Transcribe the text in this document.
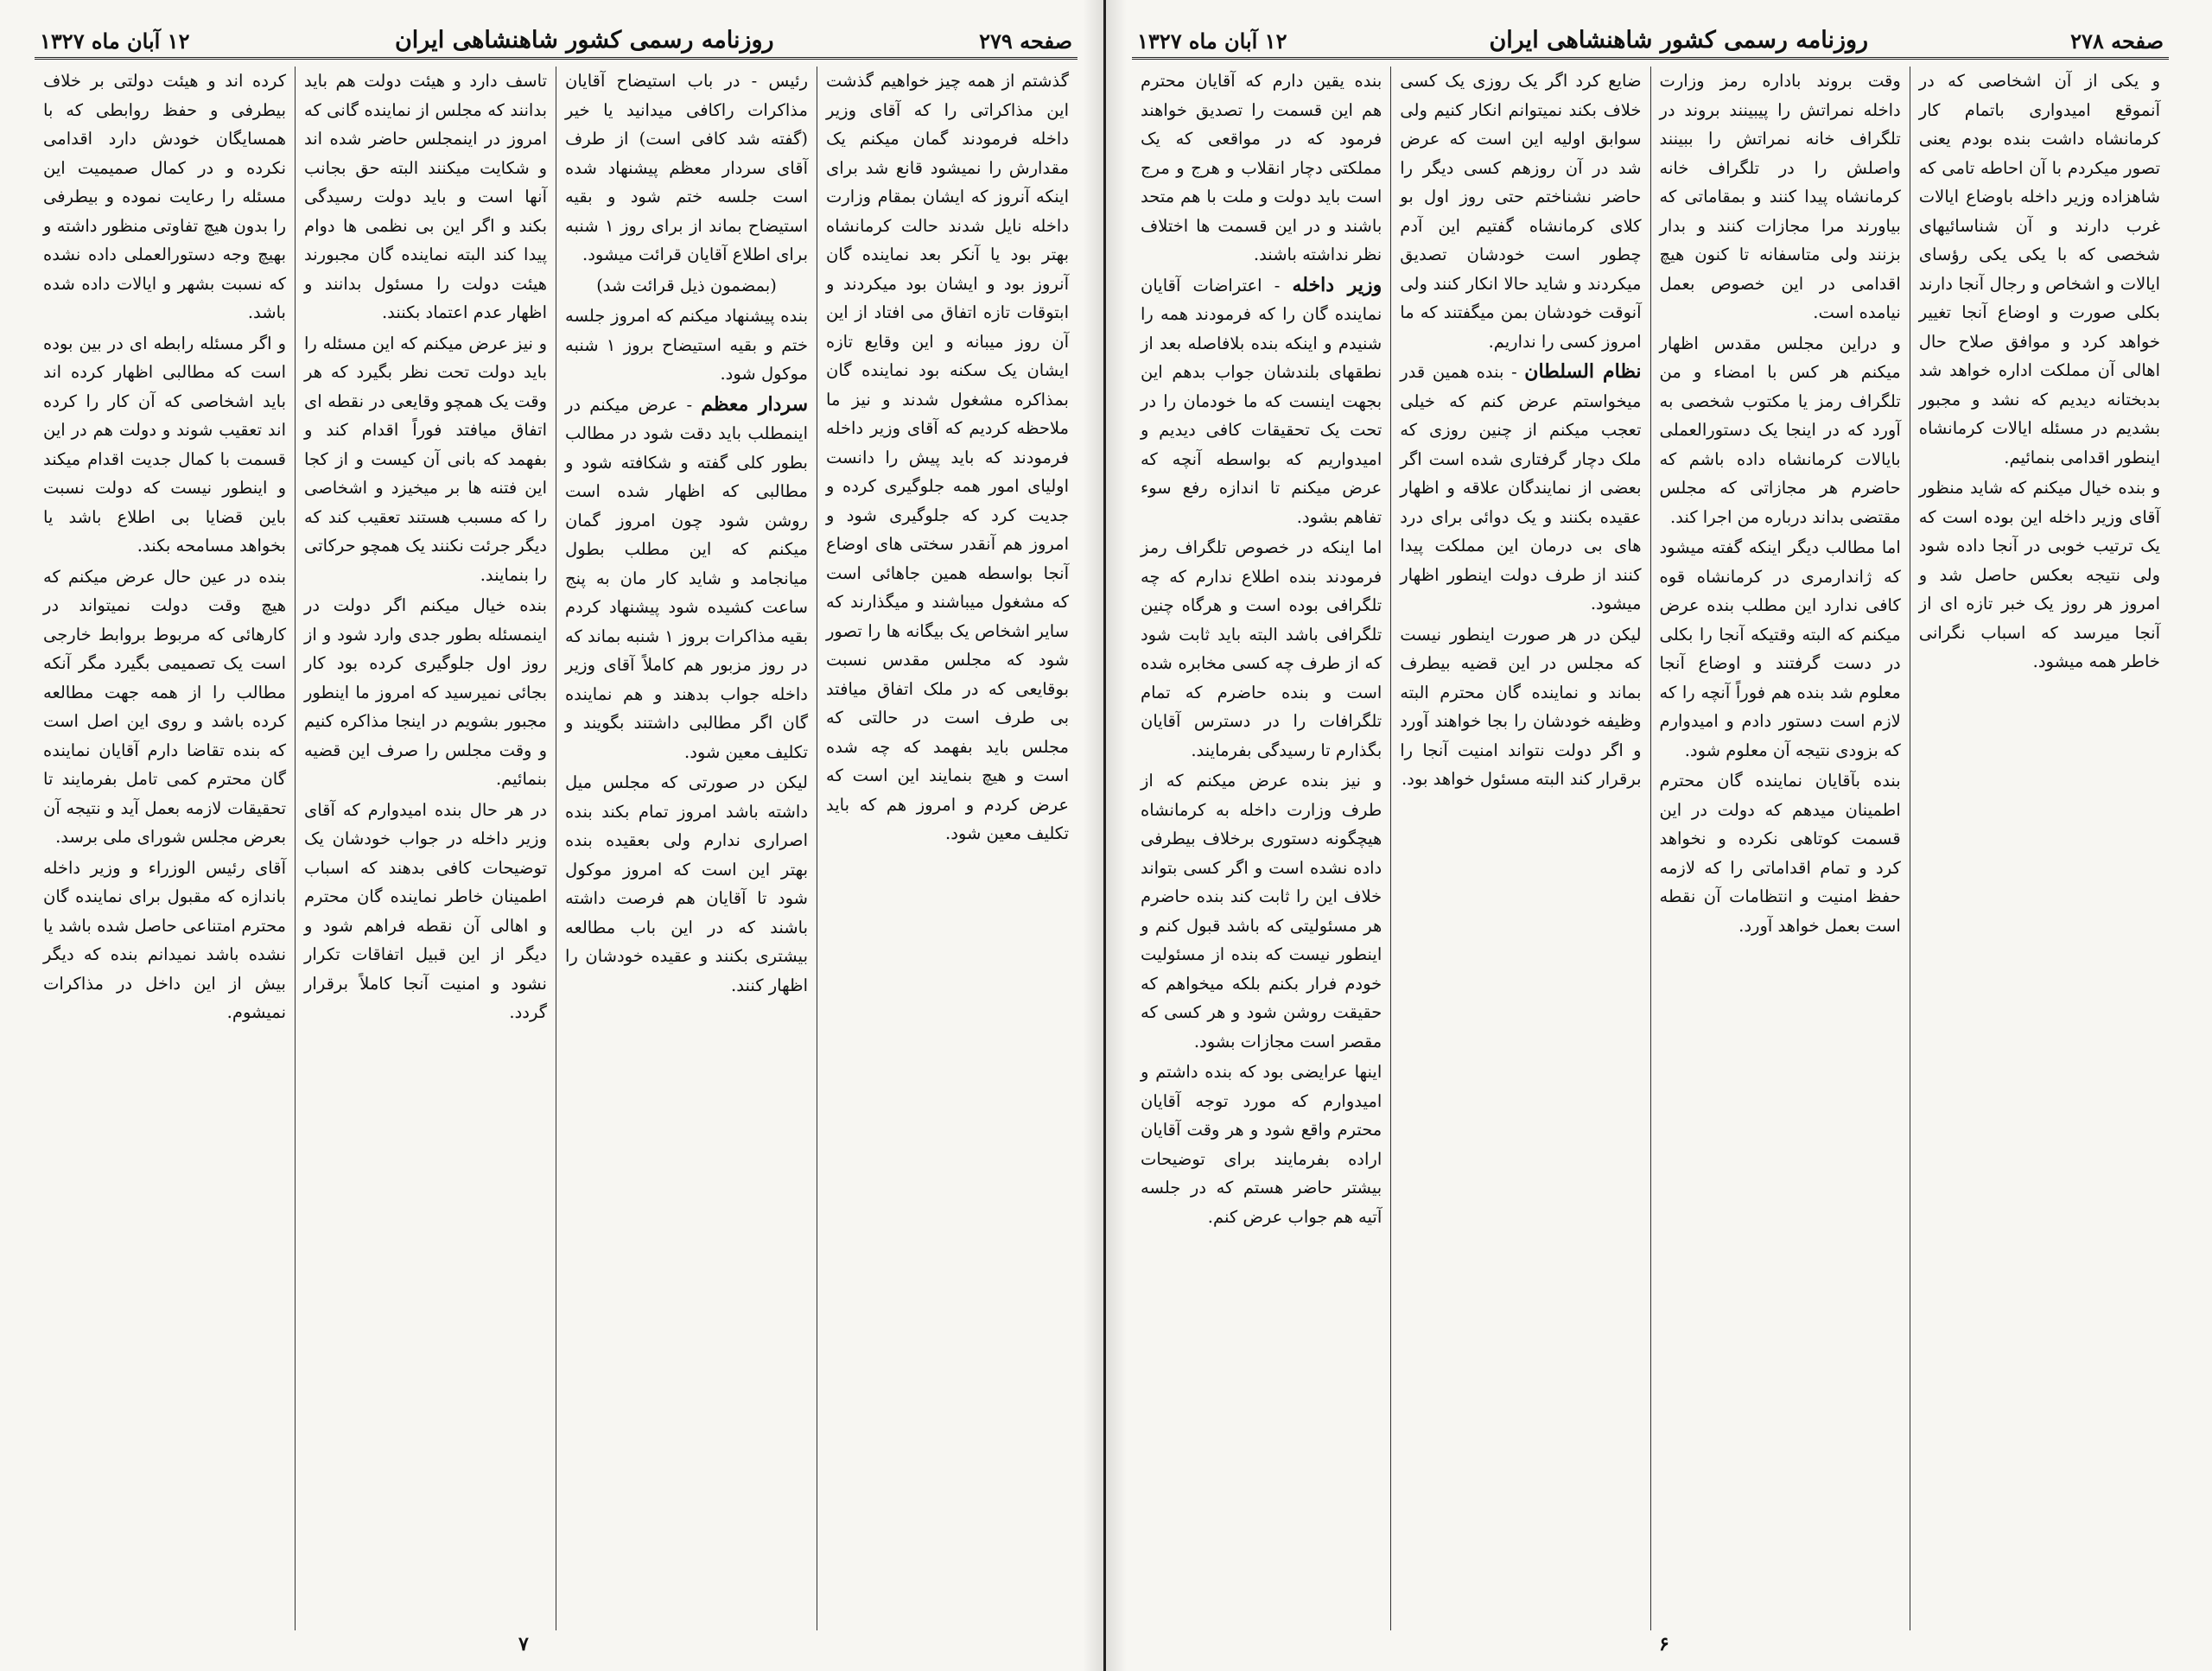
صفحه ۲۷۹
روزنامه رسمی کشور شاهنشاهی ایران
۱۲ آبان ماه ۱۳۲۷

گذشتم از همه چیز خواهیم گذشت این مذاکراتی را که آقای وزیر داخله فرمودند گمان میکنم یک مقدارش را نمیشود قانع شد برای اینکه آنروز که ایشان بمقام وزارت داخله نایل شدند حالت کرمانشاه بهتر بود یا آنکر بعد نماینده گان آنروز بود و ایشان بود میکردند و ابتوقات تازه اتفاق می افتاد از این آن روز میبانه و این وقایع تازه ایشان یک سکنه بود نماینده گان بمذاکره مشغول شدند و نیز ما ملاحظه کردیم که آقای وزیر داخله فرمودند که باید پیش را دانست اولیای امور همه جلوگیری کرده و جدیت کرد که جلوگیری شود و امروز هم آنقدر سختی های اوضاع آنجا بواسطه همین جاهائی است که مشغول میباشند و میگذارند که سایر اشخاص یک بیگانه ها را تصور شود که مجلس مقدس نسبت بوقایعی که در ملک اتفاق میافتد بی طرف است در حالتی که مجلس باید بفهمد که چه شده است و هیچ بنمایند این است که عرض کردم و امروز هم که باید تکلیف معین شود.

رئیس - در باب استیضاح آقایان مذاکرات راکافی میدانید یا خیر (گفته شد کافی است) از طرف آقای سردار معظم پیشنهاد شده است جلسه ختم شود و بقیه استیضاح بماند از برای روز ۱ شنبه برای اطلاع آقایان قرائت میشود.

(بمضمون ذیل قرائت شد)

بنده پیشنهاد میکنم که امروز جلسه ختم و بقیه استیضاح بروز ۱ شنبه موکول شود.

سردار معظم - عرض میکنم در اینمطلب باید دقت شود در مطالب بطور کلی گفته و شکافته شود و مطالبی که اظهار شده است روشن شود چون امروز گمان میکنم که این مطلب بطول میانجامد و شاید کار مان به پنج ساعت کشیده شود پیشنهاد کردم بقیه مذاکرات بروز ۱ شنبه بماند که در روز مزبور هم کاملاً آقای وزیر داخله جواب بدهند و هم نماینده گان اگر مطالبی داشتند بگویند و تکلیف معین شود.

لیکن در صورتی که مجلس میل داشته باشد امروز تمام بکند بنده اصراری ندارم ولی بعقیده بنده بهتر این است که امروز موکول شود تا آقایان هم فرصت داشته باشند که در این باب مطالعه بیشتری بکنند و عقیده خودشان را اظهار کنند.

تاسف دارد و هیئت دولت هم باید بدانند که مجلس از نماینده گانی که امروز در اینمجلس حاضر شده اند و شکایت میکنند البته حق بجانب آنها است و باید دولت رسیدگی بکند و اگر این بی نظمی ها دوام پیدا کند البته نماینده گان مجبورند هیئت دولت را مسئول بدانند و اظهار عدم اعتماد بکنند.

و نیز عرض میکنم که این مسئله را باید دولت تحت نظر بگیرد که هر وقت یک همچو وقایعی در نقطه ای اتفاق میافتد فوراً اقدام کند و بفهمد که بانی آن کیست و از کجا این فتنه ها بر میخیزد و اشخاصی را که مسبب هستند تعقیب کند که دیگر جرئت نکنند یک همچو حرکاتی را بنمایند.

بنده خیال میکنم اگر دولت در اینمسئله بطور جدی وارد شود و از روز اول جلوگیری کرده بود کار بجائی نمیرسید که امروز ما اینطور مجبور بشویم در اینجا مذاکره کنیم و وقت مجلس را صرف این قضیه بنمائیم.

در هر حال بنده امیدوارم که آقای وزیر داخله در جواب خودشان یک توضیحات کافی بدهند که اسباب اطمینان خاطر نماینده گان محترم و اهالی آن نقطه فراهم شود و دیگر از این قبیل اتفاقات تکرار نشود و امنیت آنجا کاملاً برقرار گردد.

کرده اند و هیئت دولتی بر خلاف بیطرفی و حفظ روابطی که با همسایگان خودش دارد اقدامی نکرده و در کمال صمیمیت این مسئله را رعایت نموده و بیطرفی را بدون هیچ تفاوتی منظور داشته و بهیچ وجه دستورالعملی داده نشده که نسبت بشهر و ایالات داده شده باشد.

و اگر مسئله رابطه ای در بین بوده است که مطالبی اظهار کرده اند باید اشخاصی که آن کار را کرده اند تعقیب شوند و دولت هم در این قسمت با کمال جدیت اقدام میکند و اینطور نیست که دولت نسبت باین قضایا بی اطلاع باشد یا بخواهد مسامحه بکند.

بنده در عین حال عرض میکنم که هیچ وقت دولت نمیتواند در کارهائی که مربوط بروابط خارجی است یک تصمیمی بگیرد مگر آنکه مطالب را از همه جهت مطالعه کرده باشد و روی این اصل است که بنده تقاضا دارم آقایان نماینده گان محترم کمی تامل بفرمایند تا تحقیقات لازمه بعمل آید و نتیجه آن بعرض مجلس شورای ملی برسد.

آقای رئیس الوزراء و وزیر داخله باندازه که مقبول برای نماینده گان محترم امتناعی حاصل شده باشد یا نشده باشد نمیدانم بنده که دیگر بیش از این داخل در مذاکرات نمیشوم.

۷
صفحه ۲۷۸
روزنامه رسمی کشور شاهنشاهی ایران
۱۲ آبان ماه ۱۳۲۷

و یکی از آن اشخاصی که در آنموقع امیدواری باتمام کار کرمانشاه داشت بنده بودم یعنی تصور میکردم با آن احاطه تامی که شاهزاده وزیر داخله باوضاع ایالات غرب دارند و آن شناسائیهای شخصی که با یکی یکی رؤسای ایالات و اشخاص و رجال آنجا دارند بکلی صورت و اوضاع آنجا تغییر خواهد کرد و موافق صلاح حال اهالی آن مملکت اداره خواهد شد بدبختانه دیدیم که نشد و مجبور بشدیم در مسئله ایالات کرمانشاه اینطور اقدامی بنمائیم.

و بنده خیال میکنم که شاید منظور آقای وزیر داخله این بوده است که یک ترتیب خوبی در آنجا داده شود ولی نتیجه بعکس حاصل شد و امروز هر روز یک خبر تازه ای از آنجا میرسد که اسباب نگرانی خاطر همه میشود.

وقت بروند باداره رمز وزارت داخله نمراتش را پیبینند بروند در تلگراف خانه نمراتش را ببینند واصلش را در تلگراف خانه کرمانشاه پیدا کنند و بمقاماتی که بیاورند مرا مجازات کنند و بدار بزنند ولی متاسفانه تا کنون هیچ اقدامی در این خصوص بعمل نیامده است.

و دراین مجلس مقدس اظهار میکنم هر کس با امضاء و من تلگراف رمز یا مکتوب شخصی به آورد که در اینجا یک دستورالعملی بایالات کرمانشاه داده باشم که حاضرم هر مجازاتی که مجلس مقتضی بداند درباره من اجرا کند.

اما مطالب دیگر اینکه گفته میشود که ژاندارمری در کرمانشاه قوه کافی ندارد این مطلب بنده عرض میکنم که البته وقتیکه آنجا را بکلی در دست گرفتند و اوضاع آنجا معلوم شد بنده هم فوراً آنچه را که لازم است دستور دادم و امیدوارم که بزودی نتیجه آن معلوم شود.

بنده بآقایان نماینده گان محترم اطمینان میدهم که دولت در این قسمت کوتاهی نکرده و نخواهد کرد و تمام اقداماتی را که لازمه حفظ امنیت و انتظامات آن نقطه است بعمل خواهد آورد.

ضایع کرد اگر یک روزی یک کسی خلاف بکند نمیتوانم انکار کنیم ولی سوابق اولیه این است که عرض شد در آن روزهم کسی دیگر را حاضر نشناختم حتی روز اول بو کلای کرمانشاه گفتیم این آدم چطور است خودشان تصدیق میکردند و شاید حالا انکار کنند ولی آنوقت خودشان بمن میگفتند که ما امروز کسی را نداریم.

نظام السلطان - بنده همین قدر میخواستم عرض کنم که خیلی تعجب میکنم از چنین روزی که ملک دچار گرفتاری شده است اگر بعضی از نمایندگان علاقه و اظهار عقیده بکنند و یک دوائی برای درد های بی درمان این مملکت پیدا کنند از طرف دولت اینطور اظهار میشود.

لیکن در هر صورت اینطور نیست که مجلس در این قضیه بیطرف بماند و نماینده گان محترم البته وظیفه خودشان را بجا خواهند آورد و اگر دولت نتواند امنیت آنجا را برقرار کند البته مسئول خواهد بود.

بنده یقین دارم که آقایان محترم هم این قسمت را تصدیق خواهند فرمود که در مواقعی که یک مملکتی دچار انقلاب و هرج و مرج است باید دولت و ملت با هم متحد باشند و در این قسمت ها اختلاف نظر نداشته باشند.

وزیر داخله - اعتراضات آقایان نماینده گان را که فرمودند همه را شنیدم و اینکه بنده بلافاصله بعد از نطقهای بلندشان جواب بدهم این بجهت اینست که ما خودمان را در تحت یک تحقیقات کافی دیدیم و امیدواریم که بواسطه آنچه که عرض میکنم تا اندازه رفع سوء تفاهم بشود.

اما اینکه در خصوص تلگراف رمز فرمودند بنده اطلاع ندارم که چه تلگرافی بوده است و هرگاه چنین تلگرافی باشد البته باید ثابت شود که از طرف چه کسی مخابره شده است و بنده حاضرم که تمام تلگرافات را در دسترس آقایان بگذارم تا رسیدگی بفرمایند.

و نیز بنده عرض میکنم که از طرف وزارت داخله به کرمانشاه هیچگونه دستوری برخلاف بیطرفی داده نشده است و اگر کسی بتواند خلاف این را ثابت کند بنده حاضرم هر مسئولیتی که باشد قبول کنم و اینطور نیست که بنده از مسئولیت خودم فرار بکنم بلکه میخواهم که حقیقت روشن شود و هر کسی که مقصر است مجازات بشود.

اینها عرایضی بود که بنده داشتم و امیدوارم که مورد توجه آقایان محترم واقع شود و هر وقت آقایان اراده بفرمایند برای توضیحات بیشتر حاضر هستم که در جلسه آتیه هم جواب عرض کنم.

۶
